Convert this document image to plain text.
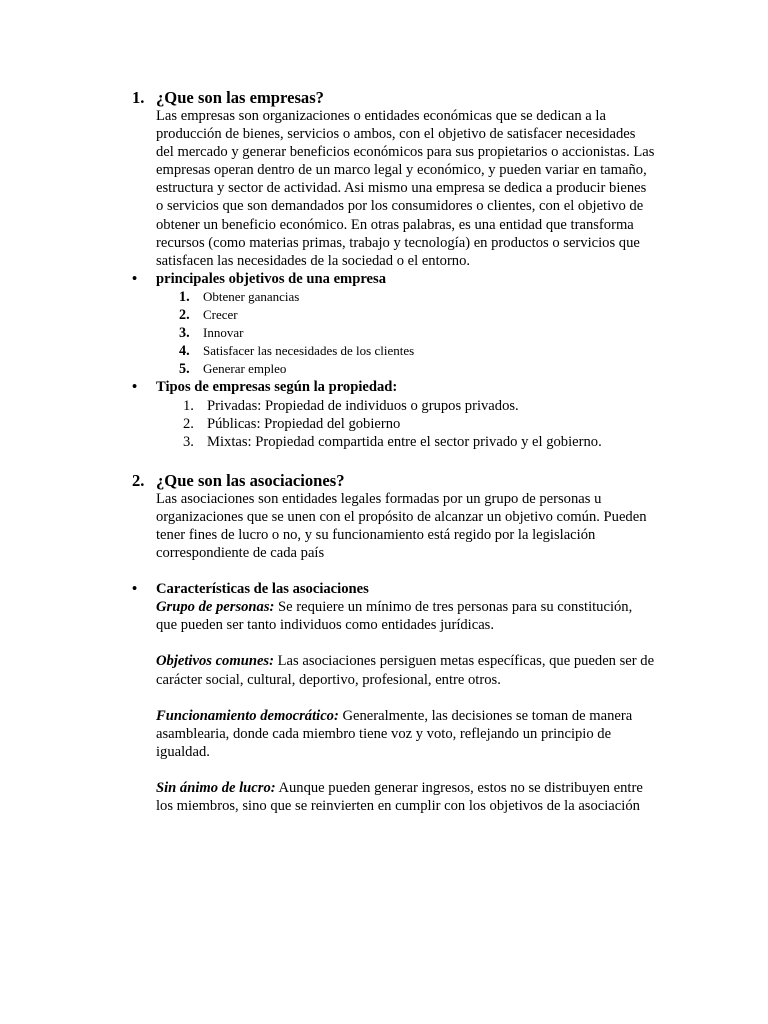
1. ¿Que son las empresas?

Las empresas son organizaciones o entidades económicas que se dedican a la producción de bienes, servicios o ambos, con el objetivo de satisfacer necesidades del mercado y generar beneficios económicos para sus propietarios o accionistas. Las empresas operan dentro de un marco legal y económico, y pueden variar en tamaño, estructura y sector de actividad. Asi mismo una empresa se dedica a producir bienes o servicios que son demandados por los consumidores o clientes, con el objetivo de obtener un beneficio económico. En otras palabras, es una entidad que transforma recursos (como materias primas, trabajo y tecnología) en productos o servicios que satisfacen las necesidades de la sociedad o el entorno.

• principales objetivos de una empresa
1. Obtener ganancias
2. Crecer
3. Innovar
4. Satisfacer las necesidades de los clientes
5. Generar empleo
• Tipos de empresas según la propiedad:
1. Privadas: Propiedad de individuos o grupos privados.
2. Públicas: Propiedad del gobierno
3. Mixtas: Propiedad compartida entre el sector privado y el gobierno.
2. ¿Que son las asociaciones?

Las asociaciones son entidades legales formadas por un grupo de personas u organizaciones que se unen con el propósito de alcanzar un objetivo común. Pueden tener fines de lucro o no, y su funcionamiento está regido por la legislación correspondiente de cada país

• Características de las asociaciones

Grupo de personas: Se requiere un mínimo de tres personas para su constitución, que pueden ser tanto individuos como entidades jurídicas.

Objetivos comunes: Las asociaciones persiguen metas específicas, que pueden ser de carácter social, cultural, deportivo, profesional, entre otros.

Funcionamiento democrático: Generalmente, las decisiones se toman de manera asamblearia, donde cada miembro tiene voz y voto, reflejando un principio de igualdad.

Sin ánimo de lucro: Aunque pueden generar ingresos, estos no se distribuyen entre los miembros, sino que se reinvierten en cumplir con los objetivos de la asociación
